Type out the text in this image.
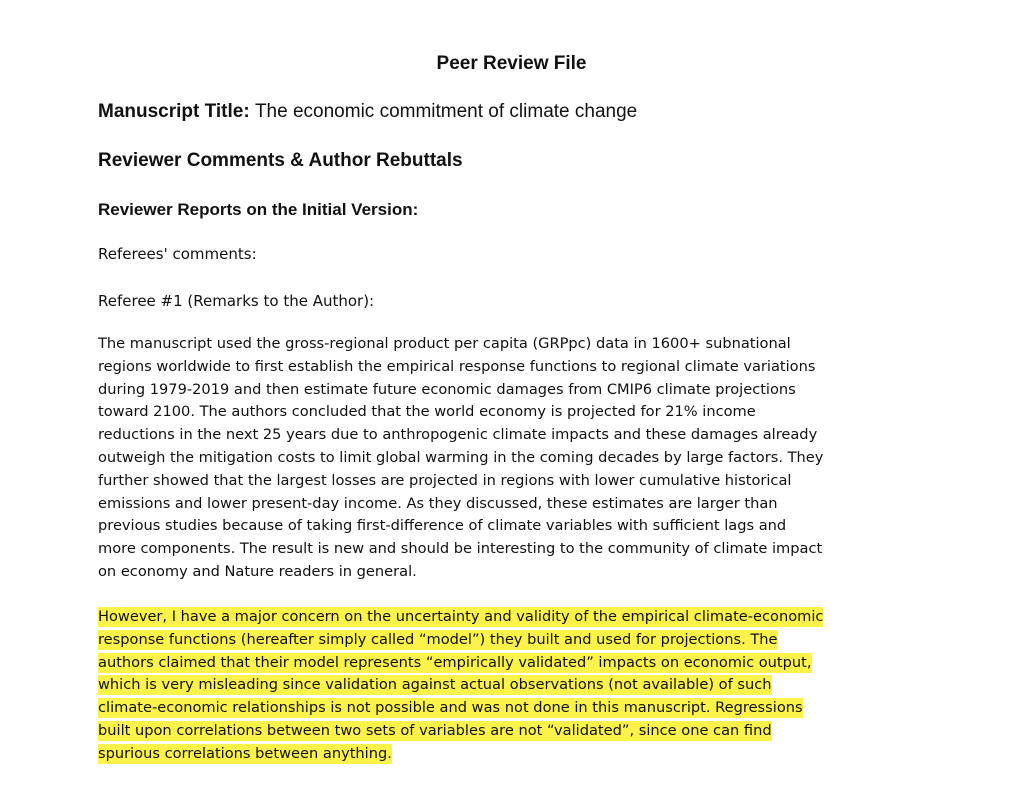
Peer Review File
Manuscript Title: The economic commitment of climate change
Reviewer Comments & Author Rebuttals
Reviewer Reports on the Initial Version:
Referees' comments:
Referee #1 (Remarks to the Author):
The manuscript used the gross-regional product per capita (GRPpc) data in 1600+ subnational
regions worldwide to first establish the empirical response functions to regional climate variations
during 1979-2019 and then estimate future economic damages from CMIP6 climate projections
toward 2100. The authors concluded that the world economy is projected for 21% income
reductions in the next 25 years due to anthropogenic climate impacts and these damages already
outweigh the mitigation costs to limit global warming in the coming decades by large factors. They
further showed that the largest losses are projected in regions with lower cumulative historical
emissions and lower present-day income. As they discussed, these estimates are larger than
previous studies because of taking first-difference of climate variables with sufficient lags and
more components. The result is new and should be interesting to the community of climate impact
on economy and Nature readers in general.
However, I have a major concern on the uncertainty and validity of the empirical climate-economic
response functions (hereafter simply called “model”) they built and used for projections. The
authors claimed that their model represents “empirically validated” impacts on economic output,
which is very misleading since validation against actual observations (not available) of such
climate-economic relationships is not possible and was not done in this manuscript. Regressions
built upon correlations between two sets of variables are not “validated”, since one can find
spurious correlations between anything.
